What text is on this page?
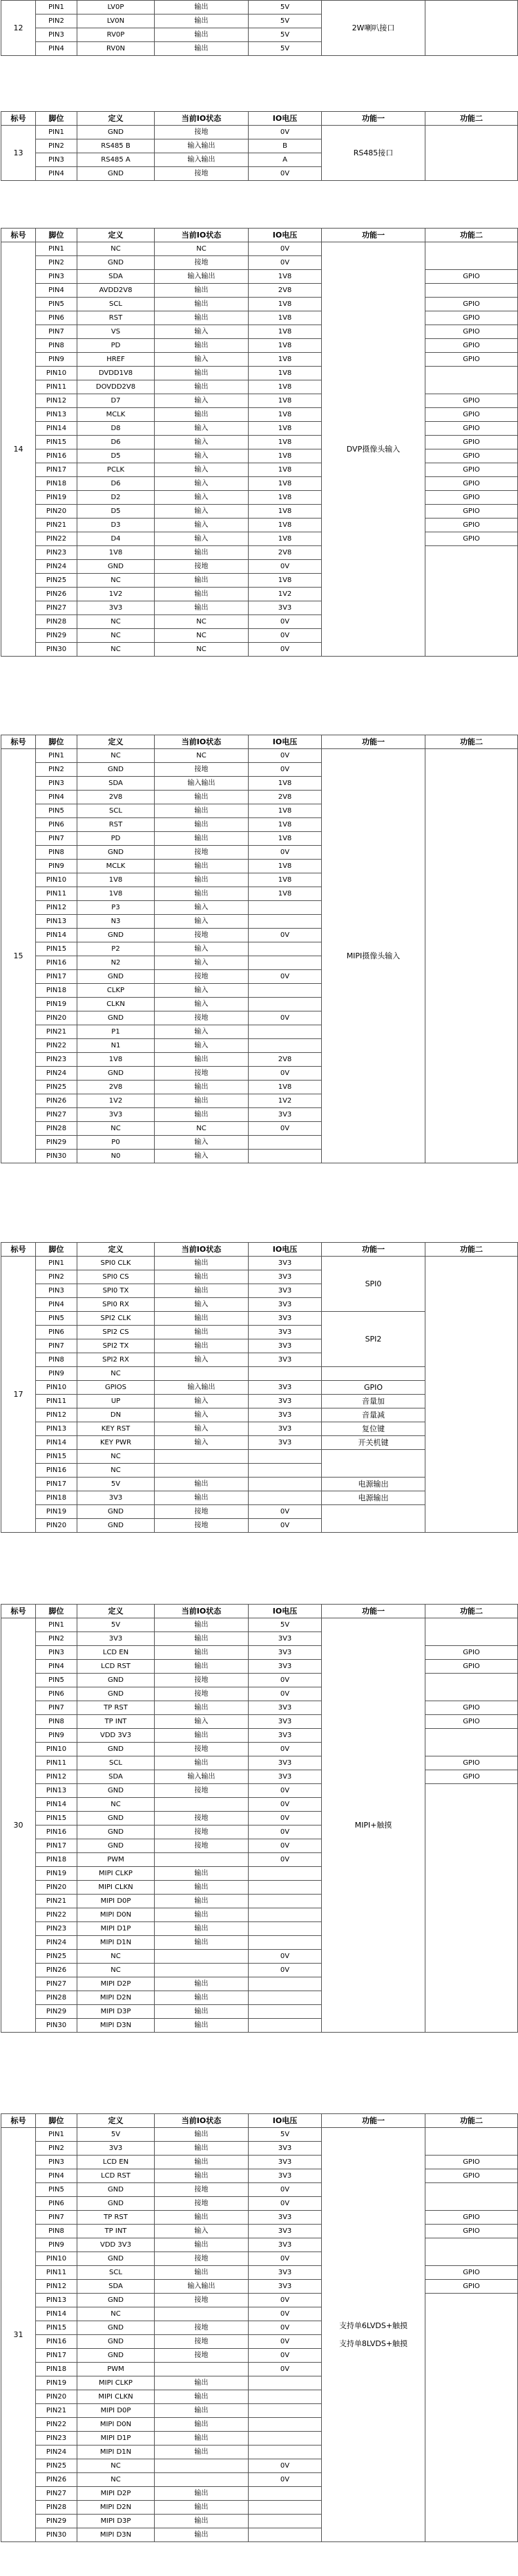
12	PIN1	LV0P	输出	5V	2W喇叭接口	
	PIN2	LV0N	输出	5V		
	PIN3	RV0P	输出	5V		
	PIN4	RV0N	输出	5V		
标号	脚位	定义	当前IO状态	IO电压	功能一	功能二
13	PIN1	GND	接地	0V	RS485接口	
	PIN2	RS485 B	输入输出	B		
	PIN3	RS485 A	输入输出	A		
	PIN4	GND	接地	0V		
标号	脚位	定义	当前IO状态	IO电压	功能一	功能二
14	PIN1	NC	NC	0V	DVP摄像头输入	
	PIN2	GND	接地	0V		
	PIN3	SDA	输入输出	1V8		GPIO
	PIN4	AVDD2V8	输出	2V8		
	PIN5	SCL	输出	1V8		GPIO
	PIN6	RST	输出	1V8		GPIO
	PIN7	VS	输入	1V8		GPIO
	PIN8	PD	输出	1V8		GPIO
	PIN9	HREF	输入	1V8		GPIO
	PIN10	DVDD1V8	输出	1V8		
	PIN11	DOVDD2V8	输出	1V8		
	PIN12	D7	输入	1V8		GPIO
	PIN13	MCLK	输出	1V8		GPIO
	PIN14	D8	输入	1V8		GPIO
	PIN15	D6	输入	1V8		GPIO
	PIN16	D5	输入	1V8		GPIO
	PIN17	PCLK	输入	1V8		GPIO
	PIN18	D6	输入	1V8		GPIO
	PIN19	D2	输入	1V8		GPIO
	PIN20	D5	输入	1V8		GPIO
	PIN21	D3	输入	1V8		GPIO
	PIN22	D4	输入	1V8		GPIO
	PIN23	1V8	输出	2V8		
	PIN24	GND	接地	0V		
	PIN25	NC	输出	1V8		
	PIN26	1V2	输出	1V2		
	PIN27	3V3	输出	3V3		
	PIN28	NC	NC	0V		
	PIN29	NC	NC	0V		
	PIN30	NC	NC	0V		
标号	脚位	定义	当前IO状态	IO电压	功能一	功能二
15	PIN1	NC	NC	0V	MIPI摄像头输入	
	PIN2	GND	接地	0V		
	PIN3	SDA	输入输出	1V8		
	PIN4	2V8	输出	2V8		
	PIN5	SCL	输出	1V8		
	PIN6	RST	输出	1V8		
	PIN7	PD	输出	1V8		
	PIN8	GND	接地	0V		
	PIN9	MCLK	输出	1V8		
	PIN10	1V8	输出	1V8		
	PIN11	1V8	输出	1V8		
	PIN12	P3	输入			
	PIN13	N3	输入			
	PIN14	GND	接地	0V		
	PIN15	P2	输入			
	PIN16	N2	输入			
	PIN17	GND	接地	0V		
	PIN18	CLKP	输入			
	PIN19	CLKN	输入			
	PIN20	GND	接地	0V		
	PIN21	P1	输入			
	PIN22	N1	输入			
	PIN23	1V8	输出	2V8		
	PIN24	GND	接地	0V		
	PIN25	2V8	输出	1V8		
	PIN26	1V2	输出	1V2		
	PIN27	3V3	输出	3V3		
	PIN28	NC	NC	0V		
	PIN29	P0	输入			
	PIN30	N0	输入			
标号	脚位	定义	当前IO状态	IO电压	功能一	功能二
17	PIN1	SPI0 CLK	输出	3V3	SPI0	
	PIN2	SPI0 CS	输出	3V3		
	PIN3	SPI0 TX	输出	3V3		
	PIN4	SPI0 RX	输入	3V3		
	PIN5	SPI2 CLK	输出	3V3	SPI2	
	PIN6	SPI2 CS	输出	3V3		
	PIN7	SPI2 TX	输出	3V3		
	PIN8	SPI2 RX	输入	3V3		
	PIN9	NC				
	PIN10	GPIOS	输入输出	3V3	GPIO	
	PIN11	UP	输入	3V3	音量加	
	PIN12	DN	输入	3V3	音量减	
	PIN13	KEY RST	输入	3V3	复位键	
	PIN14	KEY PWR	输入	3V3	开关机键	
	PIN15	NC				
	PIN16	NC				
	PIN17	5V	输出		电源输出	
	PIN18	3V3	输出		电源输出	
	PIN19	GND	接地	0V		
	PIN20	GND	接地	0V		
标号	脚位	定义	当前IO状态	IO电压	功能一	功能二
30	PIN1	5V	输出	5V	MIPI+触摸	
	PIN2	3V3	输出	3V3		
	PIN3	LCD EN	输出	3V3		GPIO
	PIN4	LCD RST	输出	3V3		GPIO
	PIN5	GND	接地	0V		
	PIN6	GND	接地	0V		
	PIN7	TP RST	输出	3V3		GPIO
	PIN8	TP INT	输入	3V3		GPIO
	PIN9	VDD 3V3	输出	3V3		
	PIN10	GND	接地	0V		
	PIN11	SCL	输出	3V3		GPIO
	PIN12	SDA	输入输出	3V3		GPIO
	PIN13	GND	接地	0V		
	PIN14	NC		0V		
	PIN15	GND	接地	0V		
	PIN16	GND	接地	0V		
	PIN17	GND	接地	0V		
	PIN18	PWM		0V		
	PIN19	MIPI CLKP	输出			
	PIN20	MIPI CLKN	输出			
	PIN21	MIPI D0P	输出			
	PIN22	MIPI D0N	输出			
	PIN23	MIPI D1P	输出			
	PIN24	MIPI D1N	输出			
	PIN25	NC		0V		
	PIN26	NC		0V		
	PIN27	MIPI D2P	输出			
	PIN28	MIPI D2N	输出			
	PIN29	MIPI D3P	输出			
	PIN30	MIPI D3N	输出			
标号	脚位	定义	当前IO状态	IO电压	功能一	功能二
31	PIN1	5V	输出	5V	支持单6LVDS+触摸
支持单8LVDS+触摸	

	PIN2	3V3	输出	3V3		
	PIN3	LCD EN	输出	3V3		GPIO
	PIN4	LCD RST	输出	3V3		GPIO
	PIN5	GND	接地	0V		
	PIN6	GND	接地	0V		
	PIN7	TP RST	输出	3V3		GPIO
	PIN8	TP INT	输入	3V3		GPIO
	PIN9	VDD 3V3	输出	3V3		
	PIN10	GND	接地	0V		
	PIN11	SCL	输出	3V3		GPIO
	PIN12	SDA	输入输出	3V3		GPIO
	PIN13	GND	接地	0V		
	PIN14	NC		0V		
	PIN15	GND	接地	0V		
	PIN16	GND	接地	0V		
	PIN17	GND	接地	0V		
	PIN18	PWM		0V		
	PIN19	MIPI CLKP	输出			
	PIN20	MIPI CLKN	输出			
	PIN21	MIPI D0P	输出			
	PIN22	MIPI D0N	输出			
	PIN23	MIPI D1P	输出			
	PIN24	MIPI D1N	输出			
	PIN25	NC		0V		
	PIN26	NC		0V		
	PIN27	MIPI D2P	输出			
	PIN28	MIPI D2N	输出			
	PIN29	MIPI D3P	输出			
	PIN30	MIPI D3N	输出			
